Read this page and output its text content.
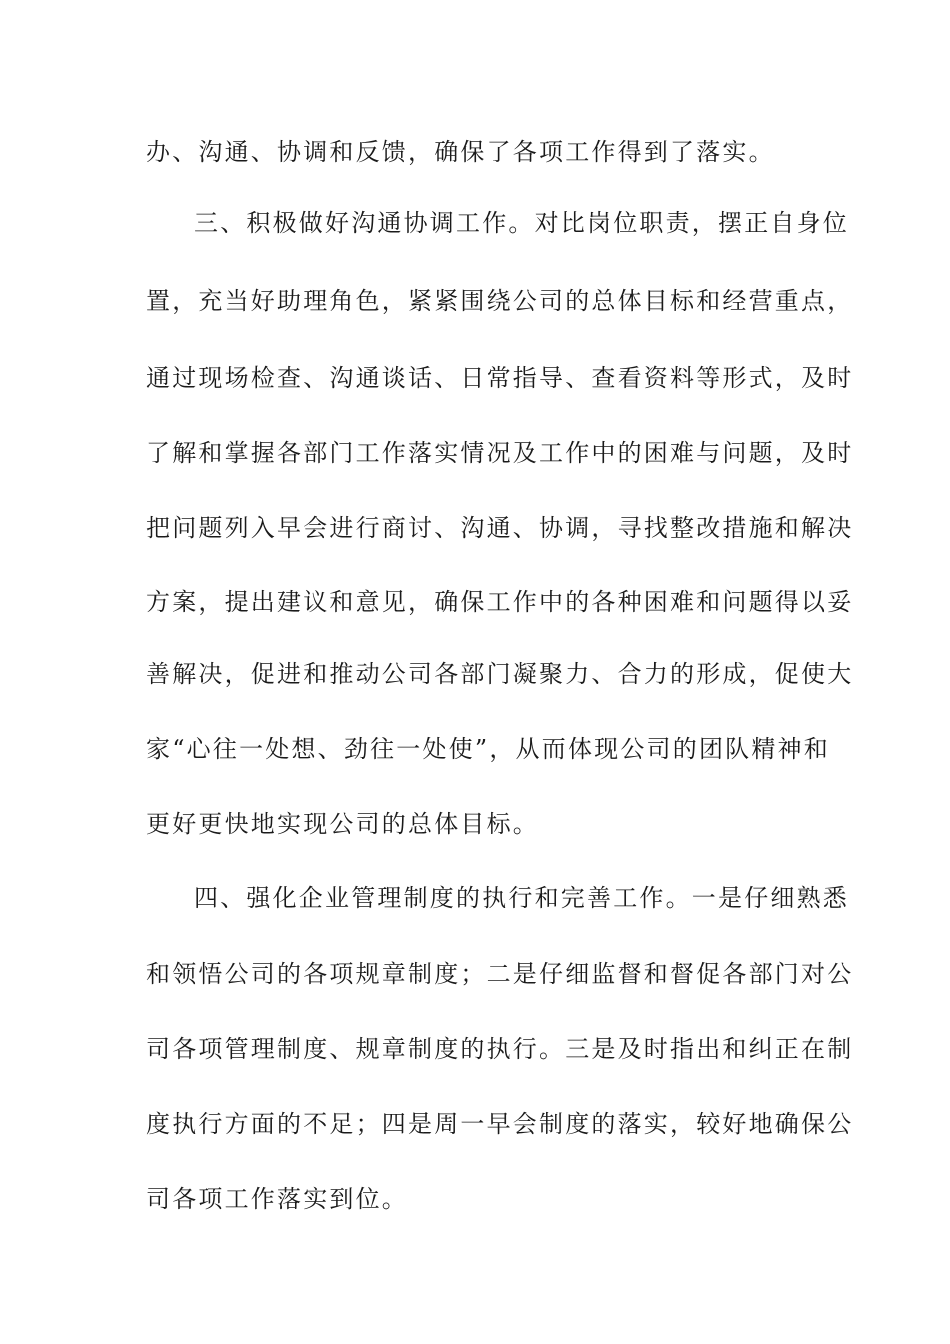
办、沟通、协调和反馈，确保了各项工作得到了落实。
三、积极做好沟通协调工作。对比岗位职责，摆正自身位
置，充当好助理角色，紧紧围绕公司的总体目标和经营重点，
通过现场检查、沟通谈话、日常指导、查看资料等形式，及时
了解和掌握各部门工作落实情况及工作中的困难与问题，及时
把问题列入早会进行商讨、沟通、协调，寻找整改措施和解决
方案，提出建议和意见，确保工作中的各种困难和问题得以妥
善解决，促进和推动公司各部门凝聚力、合力的形成，促使大
家“心往一处想、劲往一处使”，从而体现公司的团队精神和
更好更快地实现公司的总体目标。
四、强化企业管理制度的执行和完善工作。一是仔细熟悉
和领悟公司的各项规章制度；二是仔细监督和督促各部门对公
司各项管理制度、规章制度的执行。三是及时指出和纠正在制
度执行方面的不足；四是周一早会制度的落实，较好地确保公
司各项工作落实到位。
